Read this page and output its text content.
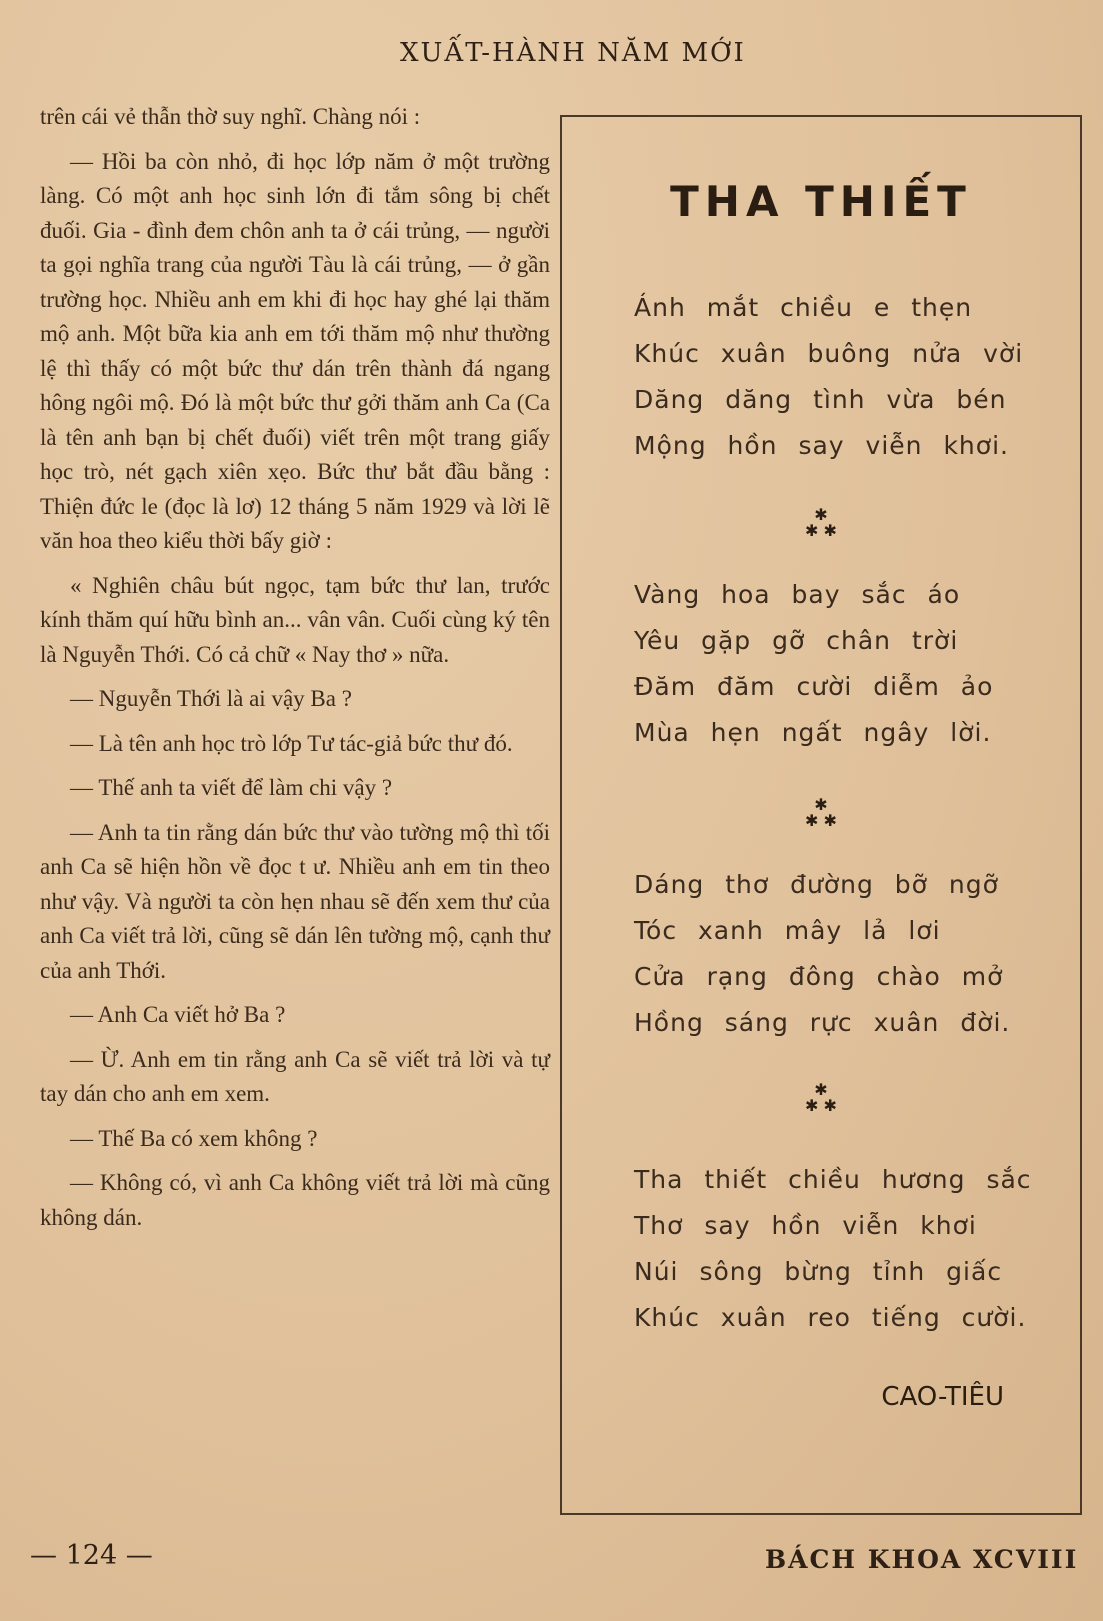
XUẤT-HÀNH NĂM MỚI

trên cái vẻ thẫn thờ suy nghĩ. Chàng nói :

— Hồi ba còn nhỏ, đi học lớp năm ở một trường làng. Có một anh học sinh lớn đi tắm sông bị chết đuối. Gia - đình đem chôn anh ta ở cái trủng, — người ta gọi nghĩa trang của người Tàu là cái trủng, — ở gần trường học. Nhiều anh em khi đi học hay ghé lại thăm mộ anh. Một bữa kia anh em tới thăm mộ như thường lệ thì thấy có một bức thư dán trên thành đá ngang hông ngôi mộ. Đó là một bức thư gởi thăm anh Ca (Ca là tên anh bạn bị chết đuối) viết trên một trang giấy học trò, nét gạch xiên xẹo. Bức thư bắt đầu bằng : Thiện đức le (đọc là lơ) 12 tháng 5 năm 1929 và lời lẽ văn hoa theo kiểu thời bấy giờ :

« Nghiên châu bút ngọc, tạm bức thư lan, trước kính thăm quí hữu bình an... vân vân. Cuối cùng ký tên là Nguyễn Thới. Có cả chữ « Nay thơ » nữa.

— Nguyễn Thới là ai vậy Ba ?

— Là tên anh học trò lớp Tư tác-giả bức thư đó.

— Thế anh ta viết để làm chi vậy ?

— Anh ta tin rằng dán bức thư vào tường mộ thì tối anh Ca sẽ hiện hồn về đọc t ư. Nhiều anh em tin theo như vậy. Và người ta còn hẹn nhau sẽ đến xem thư của anh Ca viết trả lời, cũng sẽ dán lên tường mộ, cạnh thư của anh Thới.

— Anh Ca viết hở Ba ?

— Ừ. Anh em tin rằng anh Ca sẽ viết trả lời và tự tay dán cho anh em xem.

— Thế Ba có xem không ?

— Không có, vì anh Ca không viết trả lời mà cũng không dán.

THA THIẾT
Ánh mắt chiều e thẹn
Khúc xuân buông nửa vời
Dăng dăng tình vừa bén
Mộng hồn say viễn khơi.
✱
✱ ✱
Vàng hoa bay sắc áo
Yêu gặp gỡ chân trời
Đăm đăm cười diễm ảo
Mùa hẹn ngất ngây lời.
✱
✱ ✱
Dáng thơ đường bỡ ngỡ
Tóc xanh mây lả lơi
Cửa rạng đông chào mở
Hồng sáng rực xuân đời.
✱
✱ ✱
Tha thiết chiều hương sắc
Thơ say hồn viễn khơi
Núi sông bừng tỉnh giấc
Khúc xuân reo tiếng cười.
CAO-TIÊU
— 124 —	BÁCH KHOA XCVIII
